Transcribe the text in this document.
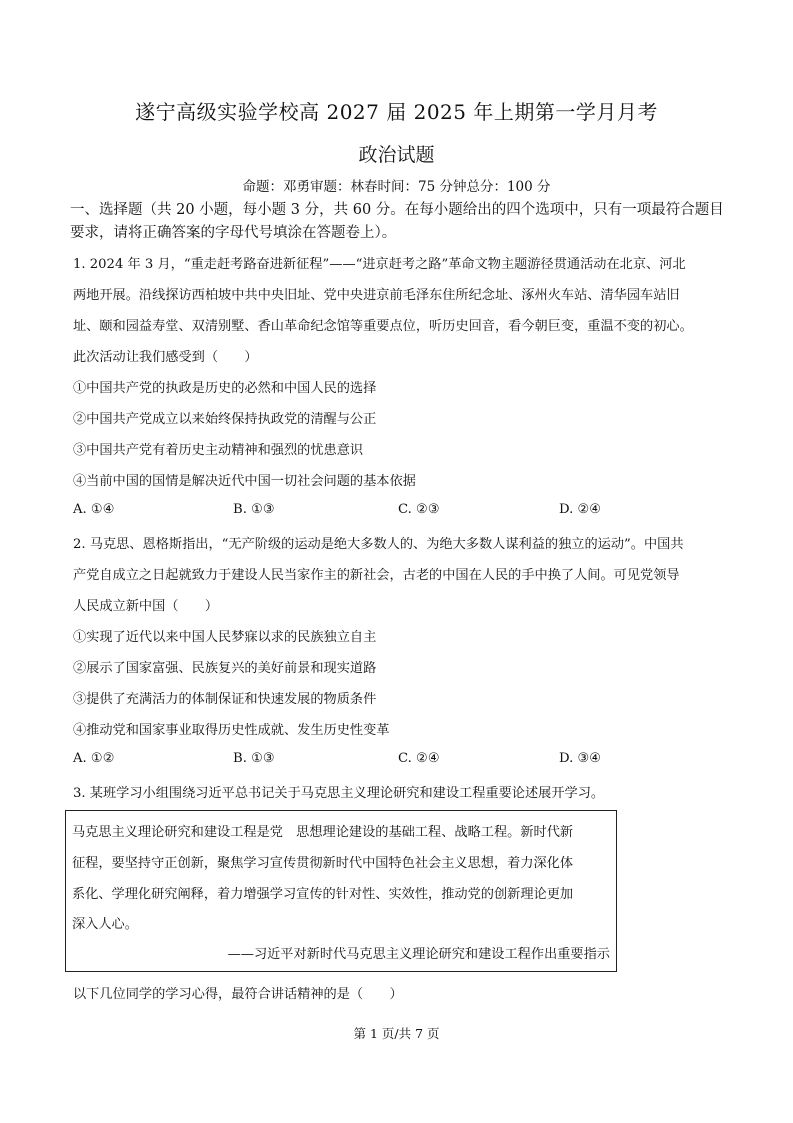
遂宁高级实验学校高 2027 届 2025 年上期第一学月月考
政治试题
命题：邓勇审题：林春时间：75 分钟总分：100 分
一、选择题（共 20 小题，每小题 3 分，共 60 分。在每小题给出的四个选项中，只有一项最符合题目要求，请将正确答案的字母代号填涂在答题卷上）。
1. 2024 年 3 月，“重走赶考路奋进新征程”——“进京赶考之路”革命文物主题游径贯通活动在北京、河北
两地开展。沿线探访西柏坡中共中央旧址、党中央进京前毛泽东住所纪念址、涿州火车站、清华园车站旧
址、颐和园益寿堂、双清别墅、香山革命纪念馆等重要点位，听历史回音，看今朝巨变，重温不变的初心。
此次活动让我们感受到（　　）
①中国共产党的执政是历史的必然和中国人民的选择
②中国共产党成立以来始终保持执政党的清醒与公正
③中国共产党有着历史主动精神和强烈的忧患意识
④当前中国的国情是解决近代中国一切社会问题的基本依据
A. ①④	B. ①③	C. ②③	D. ②④
2. 马克思、恩格斯指出，“无产阶级的运动是绝大多数人的、为绝大多数人谋利益的独立的运动”。中国共
产党自成立之日起就致力于建设人民当家作主的新社会，古老的中国在人民的手中换了人间。可见党领导
人民成立新中国（　　）
①实现了近代以来中国人民梦寐以求的民族独立自主
②展示了国家富强、民族复兴的美好前景和现实道路
③提供了充满活力的体制保证和快速发展的物质条件
④推动党和国家事业取得历史性成就、发生历史性变革
A. ①②	B. ①③	C. ②④	D. ③④
3. 某班学习小组围绕习近平总书记关于马克思主义理论研究和建设工程重要论述展开学习。
马克思主义理论研究和建设工程是党　思想理论建设的基础工程、战略工程。新时代新
征程，要坚持守正创新，聚焦学习宣传贯彻新时代中国特色社会主义思想，着力深化体
系化、学理化研究阐释，着力增强学习宣传的针对性、实效性，推动党的创新理论更加
深入人心。
——习近平对新时代马克思主义理论研究和建设工程作出重要指示
以下几位同学的学习心得，最符合讲话精神的是（　　）
第 1 页/共 7 页
